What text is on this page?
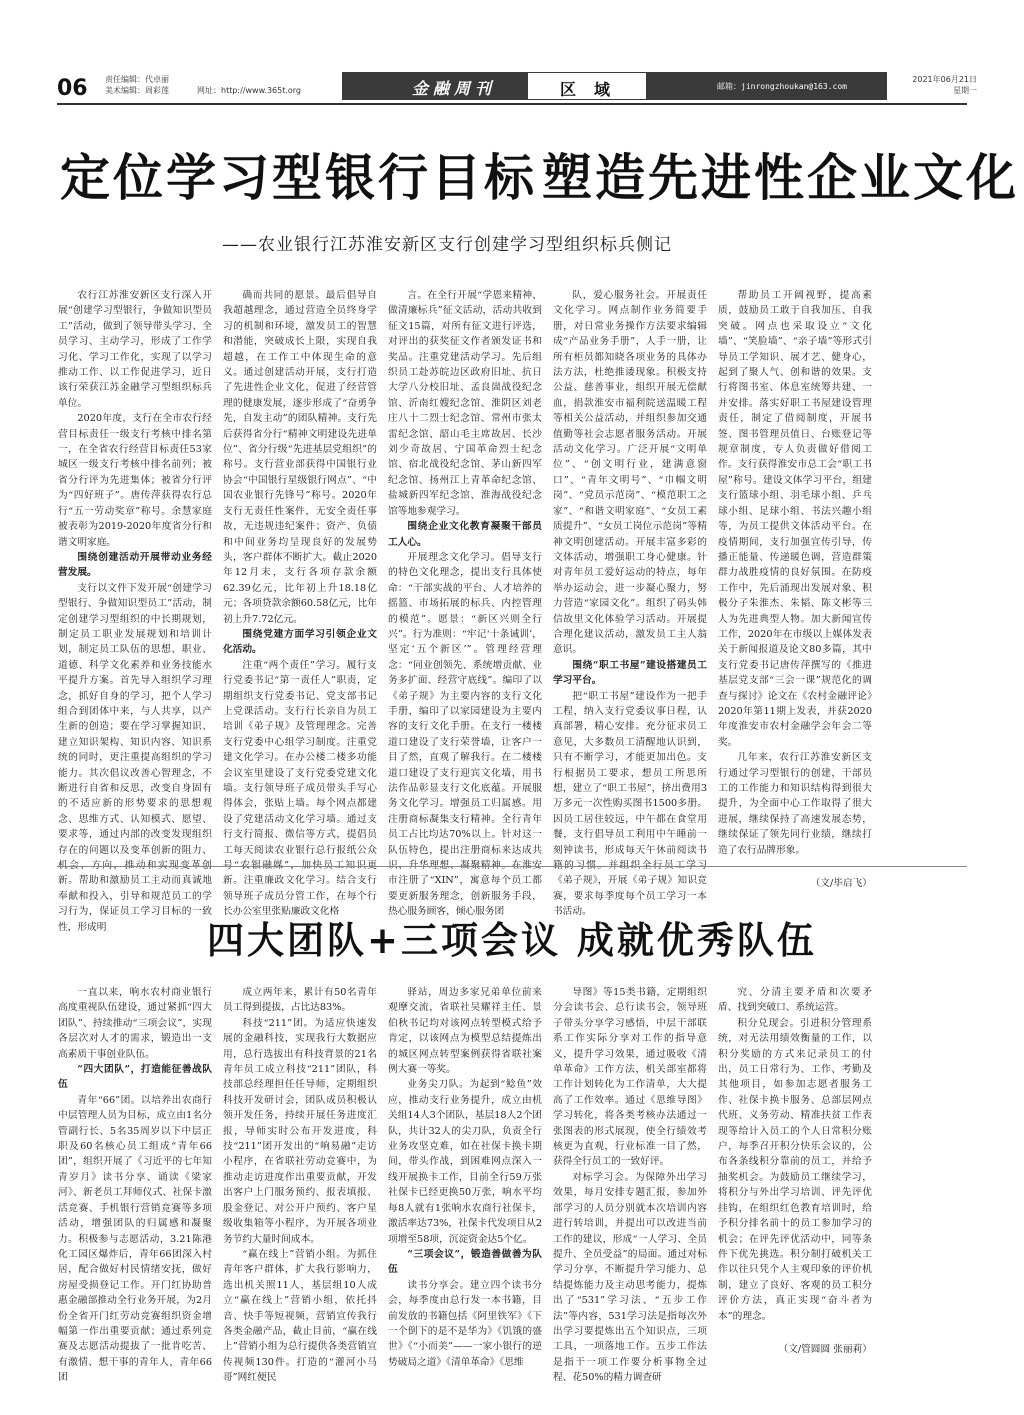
06 责任编辑：代卓丽
美术编辑：周彩莲	网址：http://www.365t.org	金融周刊	区域	邮箱：jinrongzhoukan@163.com
2021年06月21日
星期一
定位学习型银行目标 塑造先进性企业文化
——农业银行江苏淮安新区支行创建学习型组织标兵侧记

农行江苏淮安新区支行深入开展“创建学习型银行，争做知识型员工”活动，做到了领导带头学习、全员学习、主动学习，形成了工作学习化、学习工作化，实现了以学习推动工作、以工作促进学习，近日该行荣获江苏金融学习型组织标兵单位。

2020年度，支行在全市农行经营目标责任一级支行考核中排名第一，在全省农行经营目标责任53家城区一级支行考核中排名前列；被省分行评为先进集体；被省分行评为“四好班子”。唐传萍获得农行总行“五一劳动奖章”称号。余慧家庭被表彰为2019-2020年度省分行和谐文明家庭。

围绕创建活动开展带动业务经营发展。

支行以文件下发开展“创建学习型银行、争做知识型员工”活动，制定创建学习型组织的中长期规划，制定员工职业发展规划和培训计划，制定员工队伍的思想、职业、道德、科学文化素养和业务技能水平提升方案。首先导入组织学习理念，抓好自身的学习，把个人学习组合到团体中来，与人共享，以产生新的创造；要在学习掌握知识、建立知识架构、知识内容、知识系统的同时，更注重提高组织的学习能力。其次倡议改善心智理念，不断进行自省和反思，改变自身固有的不适应新的形势要求的思想观念、思维方式、认知模式、愿望、要求等，通过内部的改变发现组织存在的问题以及变革创新的阻力、 新。帮助和激励员工主动而真诚地奉献和投入，引导和规范员工的学习行为，保证员工学习目标的一致性，形成明

确而共同的愿景。最后倡导自我超越理念，通过营造全员终身学习的机制和环境，激发员工的智慧和潜能，突破成长上限，实现自我超越，在工作工中体现生命的意义。通过创建活动开展，支行打造了先进性企业文化，促进了经营管理的健康发展，逐步形成了“奋勇争先，自发主动”的团队精神。支行先后获得省分行“精神文明建设先进单位”、省分行级“先进基层党组织”的称号。支行营业部获得中国银行业协会“中国银行星级银行网点”、“中国农业银行先锋号”称号。2020年支行无责任性案件，无安全责任事故，无违规违纪案件；资产、负债和中间业务均呈现良好的发展势头，客户群体不断扩大。截止2020年12月末，支行各项存款余额62.39亿元，比年初上升18.18亿元；各项贷款余额60.58亿元，比年初上升7.72亿元。

围绕党建方面学习引领企业文化活动。

注重“两个责任”学习。履行支行党委书记“第一责任人”职责，定期组织支行党委书记、党支部书记上党课活动。支行行长亲自为员工培训《弟子规》及管理理念。完善支行党委中心组学习制度。注重党建文化学习。在办公楼二楼多功能会议室里建设了支行党委党建文化墙。支行领导班子成员带头手写心得体会，张贴上墙。每个网点都建设了党建活动文化学习墙。通过支行支行简报、微信等方式，提倡员工每天阅读农业银行总行报纸公众 新。注重廉政文化学习。结合支行领导班子成员分管工作，在每个行长办公室里张贴廉政文化格

言。在全行开展“学恩来精神、做清廉标兵”征文活动，活动共收到征文15篇，对所有征文进行评选，对评出的获奖征文作者颁发证书和奖品。注重党建活动学习。先后组织员工赴苏皖边区政府旧址、抗日大学八分校旧址、孟良崮战役纪念馆、沂南红嫂纪念馆、淮阴区刘老庄八十二烈士纪念馆、常州市张太雷纪念馆、韶山毛主席故居、长沙刘少奇故居、宁国革命烈士纪念馆、宿北战役纪念馆、茅山新四军纪念馆、扬州江上青革命纪念馆、盐城新四军纪念馆、淮海战役纪念馆等地参观学习。

围绕企业文化教育凝聚干部员工人心。

开展理念文化学习。倡导支行的特色文化理念，提出支行具体使命：“干部实战的平台、人才培养的摇篮、市场拓展的标兵、内控管理的模范”。愿景：“新区兴则全行兴”。行为准则：“牢记‘十条诫训’，坚定‘五个新区’”。管理经营理念：“同业创领先、系统增贡献、业务多扩面、经营守底线”。编印了以《弟子规》为主要内容的支行文化手册，编印了以家园建设为主要内容的支行文化手册。在支行一楼楼道口建设了支行荣誉墙，让客户一目了然，直观了解我行。在二楼楼道口建设了支行迎宾文化墙，用书法作品彰显支行文化底蕴。开展服务文化学习。增强员工归属感。用注册商标凝集支行精神。全行青年员工占比均达70%以上。针对这一队伍特色，提出注册商标来达成共 市注册了“XIN”，寓意每个员工都要更新服务理念，创新服务手段，热心服务顾客，倾心服务团

队，爱心服务社会。开展责任文化学习。网点制作业务简要手册，对日常业务操作方法要求编辑成“产品业务手册”，人手一册，让所有柜员都知晓各项业务的具体办法方法，杜绝推诿现象。积极支持公益、慈善事业，组织开展无偿献血，捐款淮安市福利院送温暖工程等相关公益活动，并组织参加交通值勤等社会志愿者服务活动。开展活动文化学习。广泛开展“文明单位”、“创文明行业，建满意窗口”、“青年文明号”、“巾帼文明岗”、“党员示范岗”、“模范职工之家”、“和谐文明家庭”、“女员工素质提升”、“女员工岗位示范岗”等精神文明创建活动。开展丰富多彩的文体活动，增强职工身心健康。针对青年员工爱好运动的特点，每年举办运动会，进一步凝心聚力，努力营造“家园文化”。组织了码头韩信故里文化体验学习活动。开展提合理化建议活动，激发员工主人翁意识。

围绕“职工书屋”建设搭建员工学习平台。

把“职工书屋”建设作为一把手工程，纳入支行党委议事日程，认真部署，精心安排。充分征求员工意见，大多数员工清醒地认识到，只有不断学习，才能更加出色。支行根据员工要求，想员工所思所想，建立了“职工书屋”，挤出费用3万多元一次性购买图书1500多册。因员工居住较远，中午都在食堂用餐，支行倡导员工利用中午睡前一刻钟读书，形成每天午休前阅读书 《弟子规》，开展《弟子规》知识竞赛，要求每季度每个员工学习一本书活动。

帮助员工开阔视野，提高素质，鼓励员工敢于自我加压、自我突破。网点也采取设立“文化墙”、“笑脸墙”、“亲子墙”等形式引导员工学知识、展才艺、健身心，起到了聚人气、创和谐的效果。支行将图书室、体息室统筹共建、一并安排。落实好职工书屋建设管理责任，制定了借阅制度，开展书签、图书管理员值日、台账登记等规章制度，专人负责做好借阅工作。支行获得淮安市总工会“职工书屋”称号。建设文体学习平台，组建支行篮球小组、羽毛球小组、乒乓球小组、足球小组、书法兴趣小组等，为员工提供文体活动平台。在疫情期间，支行加强宣传引导，传播正能量、传递暖色调，营造群策群力战胜疫情的良好氛围。在防疫工作中，先后涌现出发展对象、积极分子朱淮杰、朱韬、陈文彬等三人为先进典型人物。加大新闻宣传工作，2020年在市级以上媒体发表关于新闻报道及论文80多篇，其中支行党委书记唐传萍撰写的《推进基层党支部“三会一课”规范化的调查与探讨》论文在《农村金融评论》2020年第11期上发表，并获2020年度淮安市农村金融学会年会二等奖。

几年来，农行江苏淮安新区支行通过学习型银行的创建，干部员工的工作能力和知识结构得到很大提升，为全面中心工作取得了很大进展，继续保持了高速发展态势，继续保证了领先同行业绩，继续打造了农行品牌形象。

（文/毕启飞）

四大团队+三项会议 成就优秀队伍

一直以来，响水农村商业银行高度重视队伍建设，通过紧抓“四大团队”、持续推动“三项会议”，实现各层次对人才的需求，锻造出一支高素质干事创业队伍。

“四大团队”，打造能征善战队伍

青年“66”团。以培养出农商行中层管理人员为目标，成立由1名分管副行长、5名35周岁以下中层正职及60名核心员工组成“青年66团”，组织开展了《习近平的七年知青岁月》读书分享、诵读《梁家河》、新老员工拜师仪式、社保卡激活竞赛、手机银行营销竞赛等多项活动，增强团队的归属感和凝聚力。积极参与志愿活动，3.21陈港化工园区爆炸后，青年66团深入村居，配合做好村民情绪安抚，做好房屋受损登记工作。开门红协助普惠金融部推动全行业务开展，为2月份全省开门红劳动竞赛组织资金增幅第一作出重要贡献；通过系列竞赛及志愿活动提拔了一批肯吃苦、有激情、想干事的青年人，青年66团

成立两年来，累计有50名青年员工得到提拔，占比达83%。

科技“211”团。为适应快速发展的金融科技，实现我行大数据应用，总行选拔出有科技背景的21名青年员工成立科技“211”团队，科技部总经理担任任导师，定期组织科技开发研讨会，团队成员积极认领开发任务，持续开展任务进度汇报，导师实时公布开发进度，科技“211”团开发出的“响易融”走访小程序，在省联社劳动竞赛中，为推动走访进度作出重要贡献，开发出客户上门服务预约、报表填报、股金登记、对公开户预约、客户星级收集箱等小程序，为开展各项业务节约大量时间成本。

“赢在线上”营销小组。为抓住青年客户群体，扩大我行影响力，选出机关照11人，基层组10人成立“赢在线上”营销小组，依托抖音、快手等短视频，营销宣传我行各类金融产品，截止目前，“赢在线上”营销小组为总行提供各类营销宣传视频130件。打造的“灌河小马哥”网红便民

驿站，周边多家兄弟单位前来观摩交流，省联社吴耀祥主任、景伯秋书记均对该网点转型模式给予肯定，以该网点为模型总结提炼出的城区网点转型案例获得省联社案例大赛一等奖。

业务尖刀队。为起到“鲶鱼”效应，推动支行业务提升，成立由机关组14人3个团队，基层18人2个团队，共计32人的尖刀队，负责全行业务攻坚克难，如在社保卡换卡期间，带头作战，到困难网点深入一线开展换卡工作，目前全行59万张社保卡已经更换50万张，响水平均每8人就有1张响水农商行社保卡，激活率达73%，社保卡代发项目从2项增至58项，沉淀资金达5个亿。

“三项会议”，锻造善做善为队伍

读书分享会。建立四个读书分会，每季度由总行发一本书籍，目前发放的书籍包括《阿里铁军》《下一个倒下的是不是华为》《饥饿的盛世》《“小而美”——一家小银行的逆势破局之道》《清单革命》《思维

导图》等15类书籍，定期组织分会读书会、总行读书会，领导班子带头分享学习感悟，中层干部联系工作实际分享对工作的指导意义，提升学习效果，通过吸收《清单革命》工作方法，机关部室都将工作计划转化为工作清单，大大提高了工作效率。通过《思维导图》学习转化，将各类考核办法通过一张图表的形式展现，使全行绩效考核更为直观，行业标准一目了然，获得全行员工的一致好评。

对标学习会。为保障外出学习效果，每月安排专题汇报，参加外部学习的人员分别就本次培训内容进行转培训，并提出可以改进当前工作的建议，形成“一人学习、全员提升、全员受益”的局面。通过对标学习分享，不断提升学习能力、总结提炼能力及主动思考能力，提炼出了“531”学习法、“五步工作法”等内容，531学习法是指每次外出学习要提炼出五个知识点，三项工具，一项落地工作。五步工作法是指干一项工作要分析事物全过程、花50%的精力调查研

究、分清主要矛盾和次要矛盾、找到突破口、系统运营。

积分兑现会。引进积分管理系统，对无法用绩效衡量的工作，以积分奖励的方式来记录员工的付出，员工日常行为、工作、考勤及其他项目，如参加志愿者服务工作、社保卡换卡服务、总部层网点代班、义务劳动、精准扶贫工作表现等给计入员工的个人日常积分账户，每季召开积分快乐会议的，公布各条线积分靠前的员工，并给予抽奖机会。为鼓励员工继续学习，将积分与外出学习培训、评先评优挂钩，在组织红色教育培训时，给予积分排名前十的员工参加学习的机会；在评先评优活动中，同等条件下优先挑选。积分制打破机关工作以往只凭个人主观印象的评价机制，建立了良好、客观的员工积分评价方法，真正实现“奋斗者为本”的理念。

（文/管圆圆 张丽莉）
